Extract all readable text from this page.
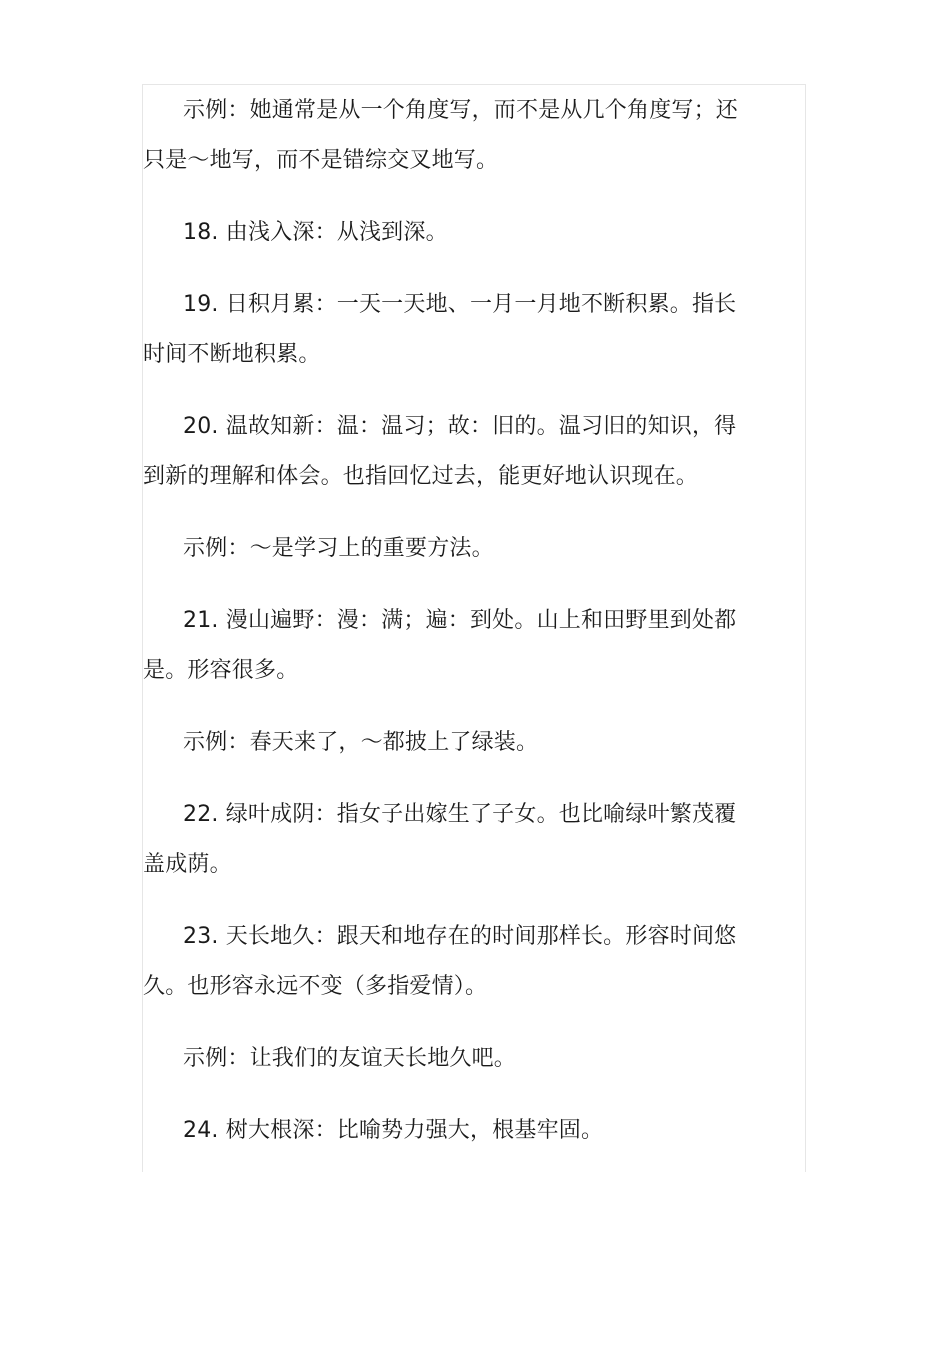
示例：她通常是从一个角度写，而不是从几个角度写；还只是～地写，而不是错综交叉地写。

18. 由浅入深：从浅到深。

19. 日积月累：一天一天地、一月一月地不断积累。指长时间不断地积累。

20. 温故知新：温：温习；故：旧的。温习旧的知识，得到新的理解和体会。也指回忆过去，能更好地认识现在。

示例：～是学习上的重要方法。

21. 漫山遍野：漫：满；遍：到处。山上和田野里到处都是。形容很多。

示例：春天来了，～都披上了绿装。

22. 绿叶成阴：指女子出嫁生了子女。也比喻绿叶繁茂覆盖成荫。

23. 天长地久：跟天和地存在的时间那样长。形容时间悠久。也形容永远不变（多指爱情）。

示例：让我们的友谊天长地久吧。

24. 树大根深：比喻势力强大，根基牢固。
